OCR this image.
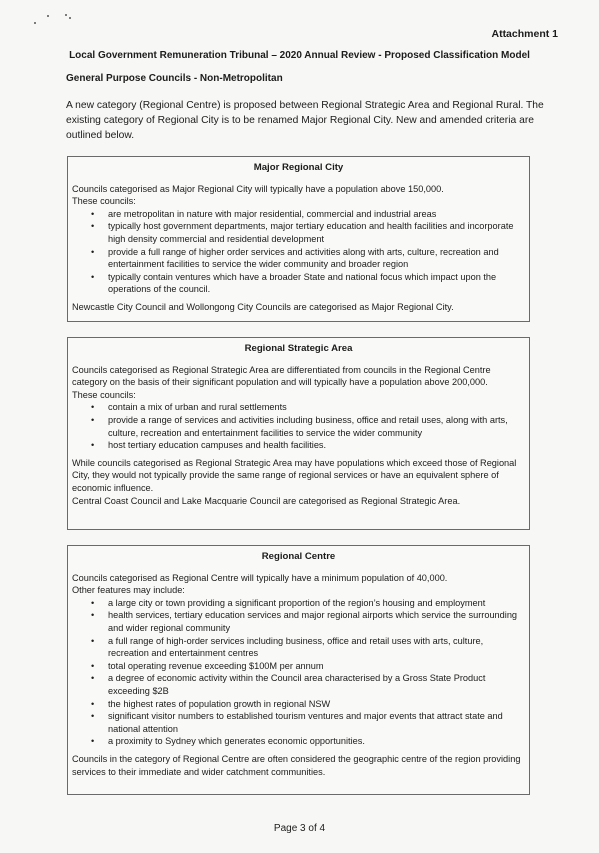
Attachment 1
Local Government Remuneration Tribunal – 2020 Annual Review - Proposed Classification Model
General Purpose Councils - Non-Metropolitan

A new category (Regional Centre) is proposed between Regional Strategic Area and Regional Rural. The existing category of Regional City is to be renamed Major Regional City. New and amended criteria are outlined below.

Major Regional City

Councils categorised as Major Regional City will typically have a population above 150,000.

These councils:

• are metropolitan in nature with major residential, commercial and industrial areas
• typically host government departments, major tertiary education and health facilities and incorporate high density commercial and residential development
• provide a full range of higher order services and activities along with arts, culture, recreation and entertainment facilities to service the wider community and broader region
• typically contain ventures which have a broader State and national focus which impact upon the operations of the council.

Newcastle City Council and Wollongong City Councils are categorised as Major Regional City.

Regional Strategic Area

Councils categorised as Regional Strategic Area are differentiated from councils in the Regional Centre category on the basis of their significant population and will typically have a population above 200,000.

These councils:

• contain a mix of urban and rural settlements
• provide a range of services and activities including business, office and retail uses, along with arts, culture, recreation and entertainment facilities to service the wider community
• host tertiary education campuses and health facilities.

While councils categorised as Regional Strategic Area may have populations which exceed those of Regional City, they would not typically provide the same range of regional services or have an equivalent sphere of economic influence.

Central Coast Council and Lake Macquarie Council are categorised as Regional Strategic Area.

Regional Centre

Councils categorised as Regional Centre will typically have a minimum population of 40,000.

Other features may include:

• a large city or town providing a significant proportion of the region’s housing and employment
• health services, tertiary education services and major regional airports which service the surrounding and wider regional community
• a full range of high-order services including business, office and retail uses with arts, culture, recreation and entertainment centres
• total operating revenue exceeding $100M per annum
• a degree of economic activity within the Council area characterised by a Gross State Product exceeding $2B
• the highest rates of population growth in regional NSW
• significant visitor numbers to established tourism ventures and major events that attract state and national attention
• a proximity to Sydney which generates economic opportunities.

Councils in the category of Regional Centre are often considered the geographic centre of the region providing services to their immediate and wider catchment communities.

Page 3 of 4
